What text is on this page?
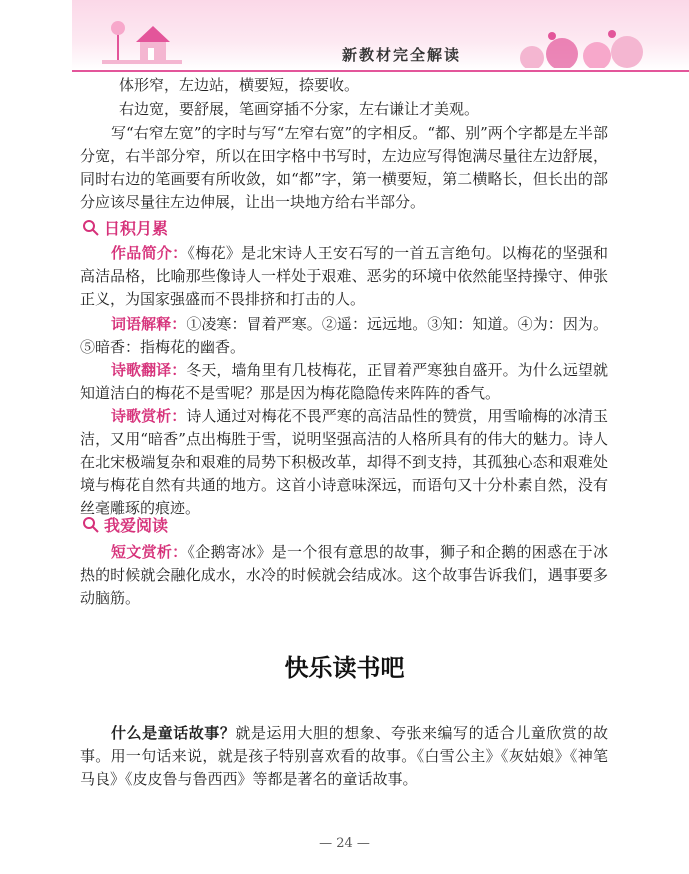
新教材完全解读

体形窄，左边站，横要短，捺要收。

右边宽，要舒展，笔画穿插不分家，左右谦让才美观。

写“右窄左宽”的字时与写“左窄右宽”的字相反。“都、别”两个字都是左半部分宽，右半部分窄，所以在田字格中书写时，左边应写得饱满尽量往左边舒展，同时右边的笔画要有所收敛，如“都”字，第一横要短，第二横略长，但长出的部分应该尽量往左边伸展，让出一块地方给右半部分。

日积月累

作品简介：《梅花》是北宋诗人王安石写的一首五言绝句。以梅花的坚强和高洁品格，比喻那些像诗人一样处于艰难、恶劣的环境中依然能坚持操守、伸张正义，为国家强盛而不畏排挤和打击的人。

词语解释：①凌寒：冒着严寒。②遥：远远地。③知：知道。④为：因为。⑤暗香：指梅花的幽香。

诗歌翻译：冬天，墙角里有几枝梅花，正冒着严寒独自盛开。为什么远望就知道洁白的梅花不是雪呢？那是因为梅花隐隐传来阵阵的香气。

诗歌赏析：诗人通过对梅花不畏严寒的高洁品性的赞赏，用雪喻梅的冰清玉洁，又用“暗香”点出梅胜于雪，说明坚强高洁的人格所具有的伟大的魅力。诗人在北宋极端复杂和艰难的局势下积极改革，却得不到支持，其孤独心态和艰难处境与梅花自然有共通的地方。这首小诗意味深远，而语句又十分朴素自然，没有丝毫雕琢的痕迹。

我爱阅读

短文赏析：《企鹅寄冰》是一个很有意思的故事，狮子和企鹅的困惑在于冰热的时候就会融化成水，水冷的时候就会结成冰。这个故事告诉我们，遇事要多动脑筋。

快乐读书吧

什么是童话故事？就是运用大胆的想象、夸张来编写的适合儿童欣赏的故事。用一句话来说，就是孩子特别喜欢看的故事。《白雪公主》《灰姑娘》《神笔马良》《皮皮鲁与鲁西西》等都是著名的童话故事。

— 24 —
